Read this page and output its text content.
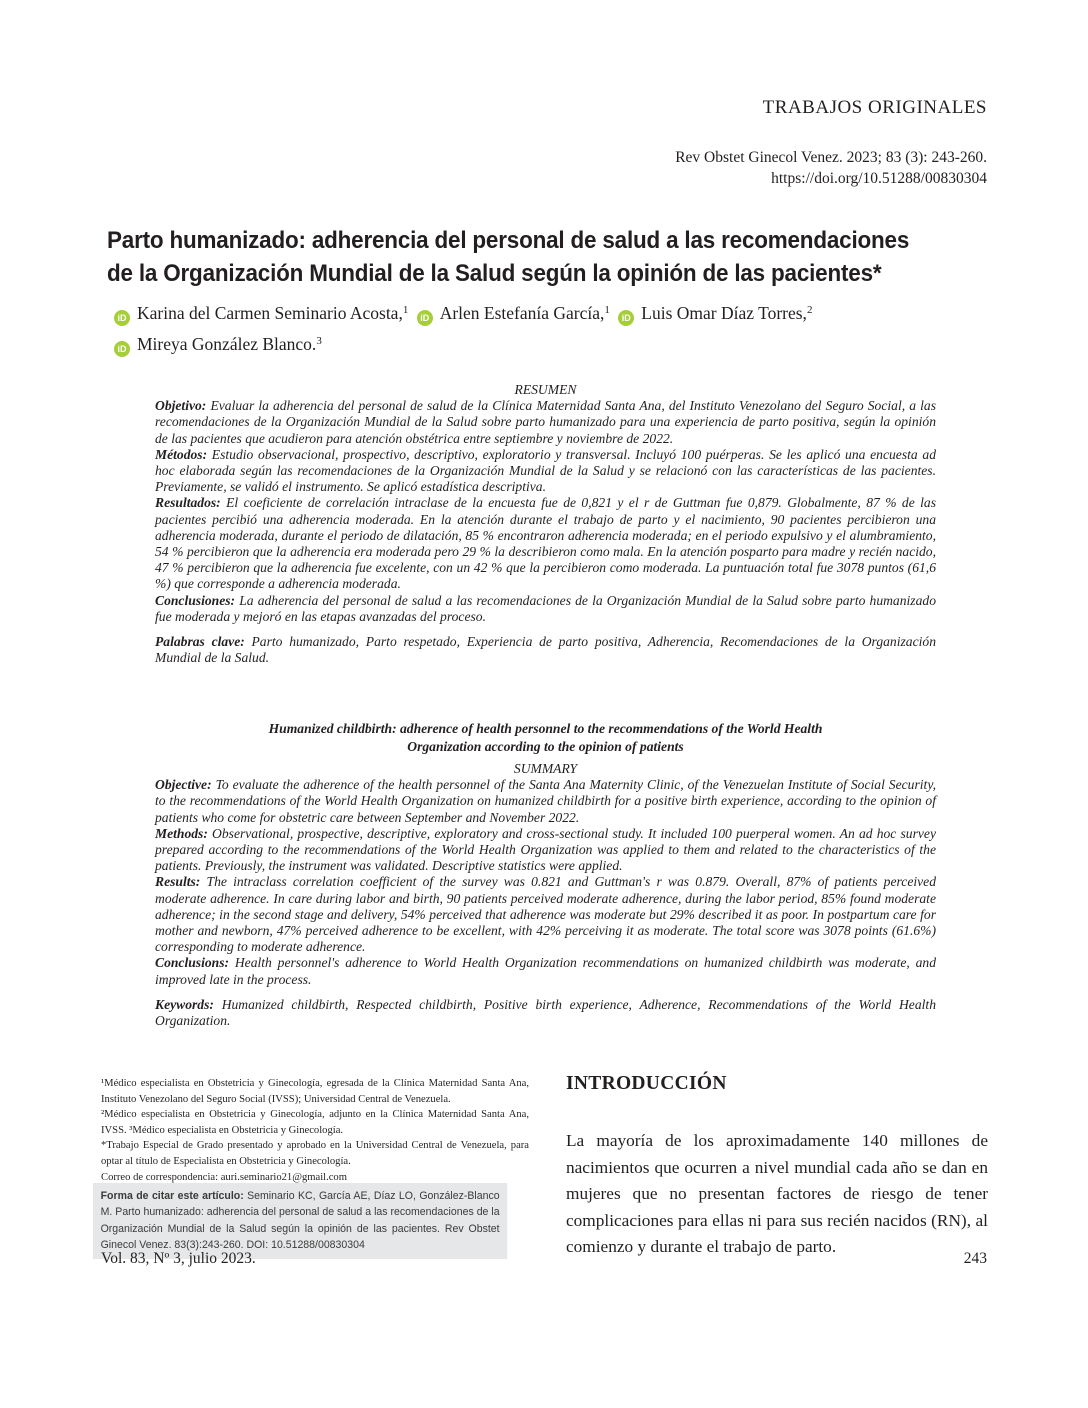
TRABAJOS ORIGINALES
Rev Obstet Ginecol Venez. 2023; 83 (3): 243-260.
https://doi.org/10.51288/00830304
Parto humanizado: adherencia del personal de salud a las recomendaciones
de la Organización Mundial de la Salud según la opinión de las pacientes*
iD Karina del Carmen Seminario Acosta,$^1$ iD Arlen Estefanía García,$^1$ iD Luis Omar Díaz Torres,$^2$
iD Mireya González Blanco.$^3$

RESUMEN

Objetivo: Evaluar la adherencia del personal de salud de la Clínica Maternidad Santa Ana, del Instituto Venezolano del Seguro Social, a las recomendaciones de la Organización Mundial de la Salud sobre parto humanizado para una experiencia de parto positiva, según la opinión de las pacientes que acudieron para atención obstétrica entre septiembre y noviembre de 2022.

Métodos: Estudio observacional, prospectivo, descriptivo, exploratorio y transversal. Incluyó 100 puérperas. Se les aplicó una encuesta ad hoc elaborada según las recomendaciones de la Organización Mundial de la Salud y se relacionó con las características de las pacientes. Previamente, se validó el instrumento. Se aplicó estadística descriptiva.

Resultados: El coeficiente de correlación intraclase de la encuesta fue de 0,821 y el r de Guttman fue 0,879. Globalmente, 87 % de las pacientes percibió una adherencia moderada. En la atención durante el trabajo de parto y el nacimiento, 90 pacientes percibieron una adherencia moderada, durante el periodo de dilatación, 85 % encontraron adherencia moderada; en el periodo expulsivo y el alumbramiento, 54 % percibieron que la adherencia era moderada pero 29 % la describieron como mala. En la atención posparto para madre y recién nacido, 47 % percibieron que la adherencia fue excelente, con un 42 % que la percibieron como moderada. La puntuación total fue 3078 puntos (61,6 %) que corresponde a adherencia moderada.

Conclusiones: La adherencia del personal de salud a las recomendaciones de la Organización Mundial de la Salud sobre parto humanizado fue moderada y mejoró en las etapas avanzadas del proceso.

Palabras clave: Parto humanizado, Parto respetado, Experiencia de parto positiva, Adherencia, Recomendaciones de la Organización Mundial de la Salud.

Humanized childbirth: adherence of health personnel to the recommendations of the World Health
Organization according to the opinion of patients

SUMMARY

Objective: To evaluate the adherence of the health personnel of the Santa Ana Maternity Clinic, of the Venezuelan Institute of Social Security, to the recommendations of the World Health Organization on humanized childbirth for a positive birth experience, according to the opinion of patients who come for obstetric care between September and November 2022.

Methods: Observational, prospective, descriptive, exploratory and cross-sectional study. It included 100 puerperal women. An ad hoc survey prepared according to the recommendations of the World Health Organization was applied to them and related to the characteristics of the patients. Previously, the instrument was validated. Descriptive statistics were applied.

Results: The intraclass correlation coefficient of the survey was 0.821 and Guttman's r was 0.879. Overall, 87% of patients perceived moderate adherence. In care during labor and birth, 90 patients perceived moderate adherence, during the labor period, 85% found moderate adherence; in the second stage and delivery, 54% perceived that adherence was moderate but 29% described it as poor. In postpartum care for mother and newborn, 47% perceived adherence to be excellent, with 42% perceiving it as moderate. The total score was 3078 points (61.6%) corresponding to moderate adherence.

Conclusions: Health personnel's adherence to World Health Organization recommendations on humanized childbirth was moderate, and improved late in the process.

Keywords: Humanized childbirth, Respected childbirth, Positive birth experience, Adherence, Recommendations of the World Health Organization.

¹Médico especialista en Obstetricia y Ginecología, egresada de la Clínica Maternidad Santa Ana, Instituto Venezolano del Seguro Social (IVSS); Universidad Central de Venezuela.

²Médico especialista en Obstetricia y Ginecología, adjunto en la Clínica Maternidad Santa Ana, IVSS. ³Médico especialista en Obstetricia y Ginecología.

*Trabajo Especial de Grado presentado y aprobado en la Universidad Central de Venezuela, para optar al título de Especialista en Obstetricia y Ginecología.

Correo de correspondencia: auri.seminario21@gmail.com

Forma de citar este artículo: Seminario KC, García AE, Díaz LO, González-Blanco M. Parto humanizado: adherencia del personal de salud a las recomendaciones de la Organización Mundial de la Salud según la opinión de las pacientes. Rev Obstet Ginecol Venez. 83(3):243-260. DOI: 10.51288/00830304
INTRODUCCIÓN
La mayoría de los aproximadamente 140 millones de nacimientos que ocurren a nivel mundial cada año se dan en mujeres que no presentan factores de riesgo de tener complicaciones para ellas ni para sus recién nacidos (RN), al comienzo y durante el trabajo de parto.
Vol. 83, Nº 3, julio 2023.	243
